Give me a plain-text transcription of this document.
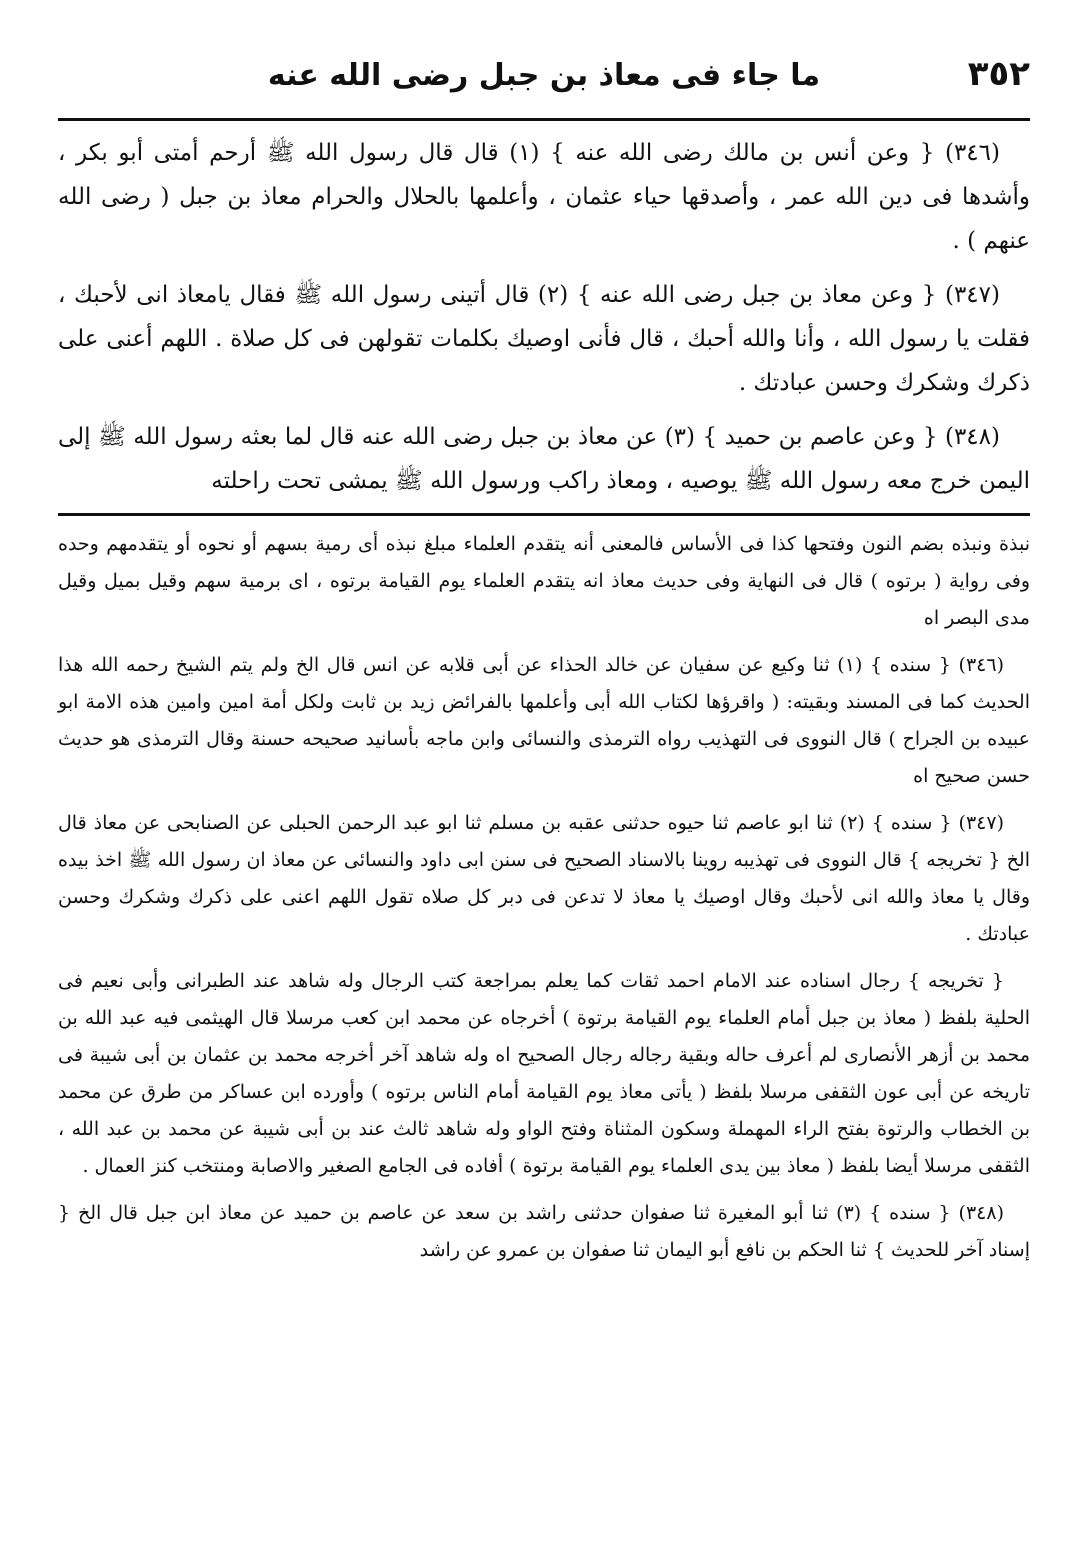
٣٥٢
ما جاء فى معاذ بن جبل رضى الله عنه

(٣٤٦) { وعن أنس بن مالك رضى الله عنه } (١) قال قال رسول الله ﷺ أرحم أمتى أبو بكر ، وأشدها فى دين الله عمر ، وأصدقها حياء عثمان ، وأعلمها بالحلال والحرام معاذ بن جبل ( رضى الله عنهم ) .

(٣٤٧) { وعن معاذ بن جبل رضى الله عنه } (٢) قال أتينى رسول الله ﷺ فقال يامعاذ انى لأحبك ، فقلت يا رسول الله ، وأنا والله أحبك ، قال فأنى اوصيك بكلمات تقولهن فى كل صلاة . اللهم أعنى على ذكرك وشكرك وحسن عبادتك .

(٣٤٨) { وعن عاصم بن حميد } (٣) عن معاذ بن جبل رضى الله عنه قال لما بعثه رسول الله ﷺ إلى اليمن خرج معه رسول الله ﷺ يوصيه ، ومعاذ راكب ورسول الله ﷺ يمشى تحت راحلته

نبذة ونبذه بضم النون وفتحها كذا فى الأساس فالمعنى أنه يتقدم العلماء مبلغ نبذه أى رمية بسهم أو نحوه أو يتقدمهم وحده وفى رواية ( برتوه ) قال فى النهاية وفى حديث معاذ انه يتقدم العلماء يوم القيامة برتوه ، اى برمية سهم وقيل بميل وقيل مدى البصر اه

(٣٤٦) { سنده } (١) ثنا وكيع عن سفيان عن خالد الحذاء عن أبى قلابه عن انس قال الخ ولم يتم الشيخ رحمه الله هذا الحديث كما فى المسند وبقيته: ( واقرؤها لكتاب الله أبى وأعلمها بالفرائض زيد بن ثابت ولكل أمة امين وامين هذه الامة ابو عبيده بن الجراح ) قال النووى فى التهذيب رواه الترمذى والنسائى وابن ماجه بأسانيد صحيحه حسنة وقال الترمذى هو حديث حسن صحيح اه

(٣٤٧) { سنده } (٢) ثنا ابو عاصم ثنا حيوه حدثنى عقبه بن مسلم ثنا ابو عبد الرحمن الحبلى عن الصنابحى عن معاذ قال الخ { تخريجه } قال النووى فى تهذيبه روينا بالاسناد الصحيح فى سنن ابى داود والنسائى عن معاذ ان رسول الله ﷺ اخذ بيده وقال يا معاذ والله انى لأحبك وقال اوصيك يا معاذ لا تدعن فى دبر كل صلاه تقول اللهم اعنى على ذكرك وشكرك وحسن عبادتك .

{ تخريجه } رجال اسناده عند الامام احمد ثقات كما يعلم بمراجعة كتب الرجال وله شاهد عند الطبرانى وأبى نعيم فى الحلية بلفظ ( معاذ بن جبل أمام العلماء يوم القيامة برتوة ) أخرجاه عن محمد ابن كعب مرسلا قال الهيثمى فيه عبد الله بن محمد بن أزهر الأنصارى لم أعرف حاله وبقية رجاله رجال الصحيح اه وله شاهد آخر أخرجه محمد بن عثمان بن أبى شيبة فى تاريخه عن أبى عون الثقفى مرسلا بلفظ ( يأتى معاذ يوم القيامة أمام الناس برتوه ) وأورده ابن عساكر من طرق عن محمد بن الخطاب والرتوة بفتح الراء المهملة وسكون المثناة وفتح الواو وله شاهد ثالث عند بن أبى شيبة عن محمد بن عبد الله ، الثقفى مرسلا أيضا بلفظ ( معاذ بين يدى العلماء يوم القيامة برتوة ) أفاده فى الجامع الصغير والاصابة ومنتخب كنز العمال .

(٣٤٨) { سنده } (٣) ثنا أبو المغيرة ثنا صفوان حدثنى راشد بن سعد عن عاصم بن حميد عن معاذ ابن جبل قال الخ { إسناد آخر للحديث } ثنا الحكم بن نافع أبو اليمان ثنا صفوان بن عمرو عن راشد
